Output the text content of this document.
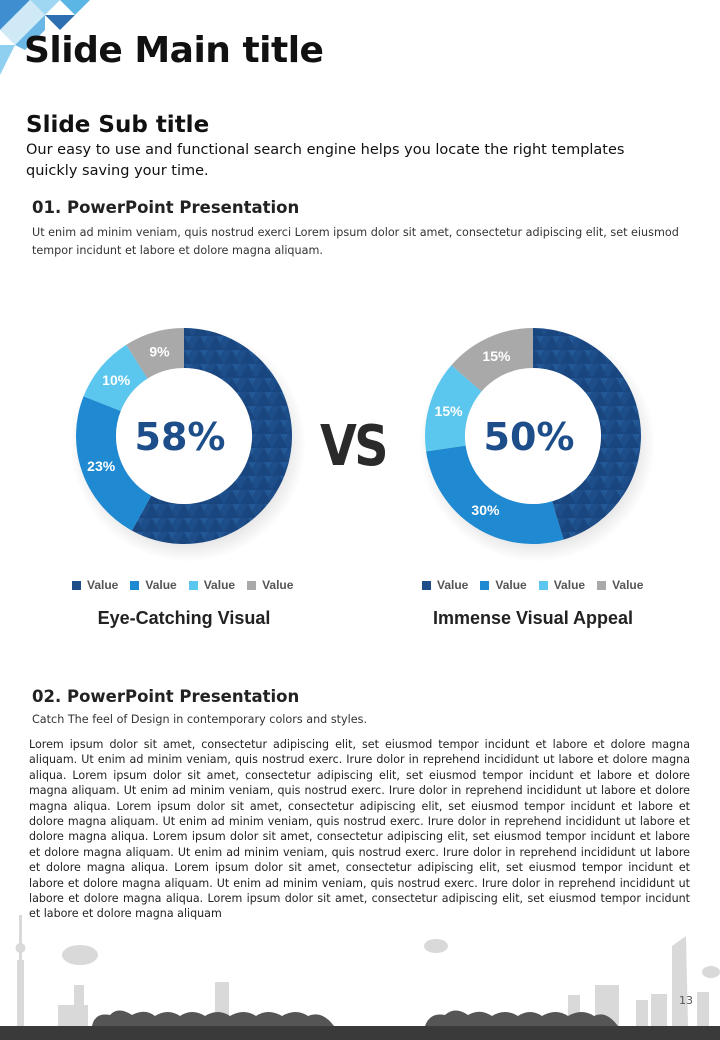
Slide Main title
Slide Sub title
Our easy to use and functional search engine helps you locate the right templates quickly saving your time.
01. PowerPoint Presentation
Ut enim ad minim veniam, quis nostrud exerci Lorem ipsum dolor sit amet, consectetur adipiscing elit, set eiusmod tempor incidunt et labore et dolore magna aliquam.
23%
10%
9%
58%
30%
15%
15%
50%
VS
Value Value Value Value	Value Value Value Value
Eye-Catching Visual	Immense Visual Appeal
02. PowerPoint Presentation
Catch The feel of Design in contemporary colors and styles.
Lorem ipsum dolor sit amet, consectetur adipiscing elit, set eiusmod tempor incidunt et labore et dolore magna aliquam. Ut enim ad minim veniam, quis nostrud exerc. Irure dolor in reprehend incididunt ut labore et dolore magna aliqua. Lorem ipsum dolor sit amet, consectetur adipiscing elit, set eiusmod tempor incidunt et labore et dolore magna aliquam. Ut enim ad minim veniam, quis nostrud exerc. Irure dolor in reprehend incididunt ut labore et dolore magna aliqua. Lorem ipsum dolor sit amet, consectetur adipiscing elit, set eiusmod tempor incidunt et labore et dolore magna aliquam. Ut enim ad minim veniam, quis nostrud exerc. Irure dolor in reprehend incididunt ut labore et dolore magna aliqua. Lorem ipsum dolor sit amet, consectetur adipiscing elit, set eiusmod tempor incidunt et labore et dolore magna aliquam. Ut enim ad minim veniam, quis nostrud exerc. Irure dolor in reprehend incididunt ut labore et dolore magna aliqua. Lorem ipsum dolor sit amet, consectetur adipiscing elit, set eiusmod tempor incidunt et labore et dolore magna aliquam. Ut enim ad minim veniam, quis nostrud exerc. Irure dolor in reprehend incididunt ut labore et dolore magna aliqua. Lorem ipsum dolor sit amet, consectetur adipiscing elit, set eiusmod tempor incidunt et labore et dolore magna aliquam
13
